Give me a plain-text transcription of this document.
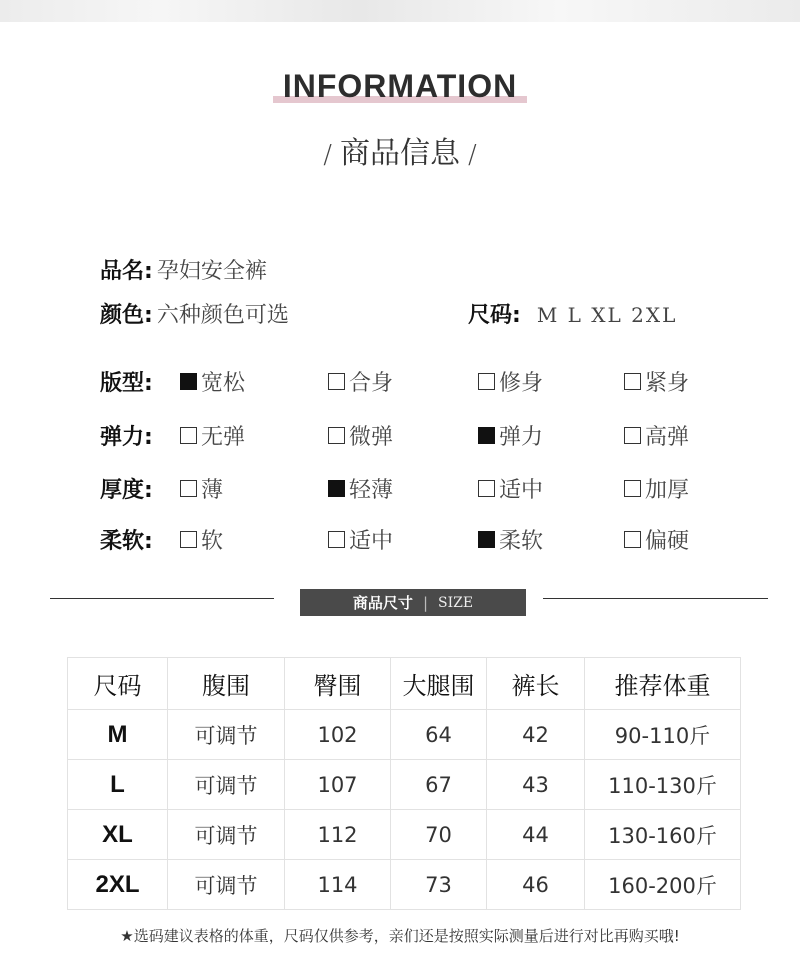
INFORMATION
/ 商品信息 /
品名: 孕妇安全裤
颜色: 六种颜色可选	尺码: M L XL 2XL
版型: 宽松	合身	修身	紧身
弹力: 无弹	微弹	弹力	高弹
厚度: 薄	轻薄	适中	加厚
柔软: 软	适中	柔软	偏硬
商品尺寸 | SIZE
尺码	腹围	臀围	大腿围	裤长	推荐体重
M	可调节	102	64	42	90-110斤
L	可调节	107	67	43	110-130斤
XL	可调节	112	70	44	130-160斤
2XL	可调节	114	73	46	160-200斤
★选码建议表格的体重，尺码仅供参考，亲们还是按照实际测量后进行对比再购买哦!
